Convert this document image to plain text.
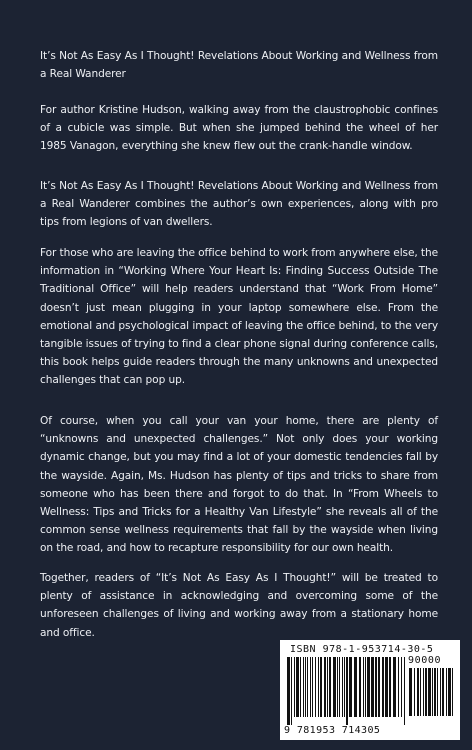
It’s Not As Easy As I Thought! Revelations About Working and Wellness from a Real Wanderer

For author Kristine Hudson, walking away from the claustrophobic confines of a cubicle was simple. But when she jumped behind the wheel of her 1985 Vanagon, everything she knew flew out the crank-handle window.

It’s Not As Easy As I Thought! Revelations About Working and Wellness from a Real Wanderer combines the author’s own experiences, along with pro tips from legions of van dwellers.

For those who are leaving the office behind to work from anywhere else, the information in “Working Where Your Heart Is: Finding Success Outside The Traditional Office” will help readers understand that “Work From Home” doesn’t just mean plugging in your laptop somewhere else. From the emotional and psychological impact of leaving the office behind, to the very tangible issues of trying to find a clear phone signal during conference calls, this book helps guide readers through the many unknowns and unexpected challenges that can pop up.

Of course, when you call your van your home, there are plenty of “unknowns and unexpected challenges.” Not only does your working dynamic change, but you may find a lot of your domestic tendencies fall by the wayside. Again, Ms. Hudson has plenty of tips and tricks to share from someone who has been there and forgot to do that. In “From Wheels to Wellness: Tips and Tricks for a Healthy Van Lifestyle” she reveals all of the common sense wellness requirements that fall by the wayside when living on the road, and how to recapture responsibility for our own health.

Together, readers of “It’s Not As Easy As I Thought!” will be treated to plenty of assistance in acknowledging and overcoming some of the unforeseen challenges of living and working away from a stationary home and office.

ISBN 978-1-953714-30-5
90000
9 781953 714305
